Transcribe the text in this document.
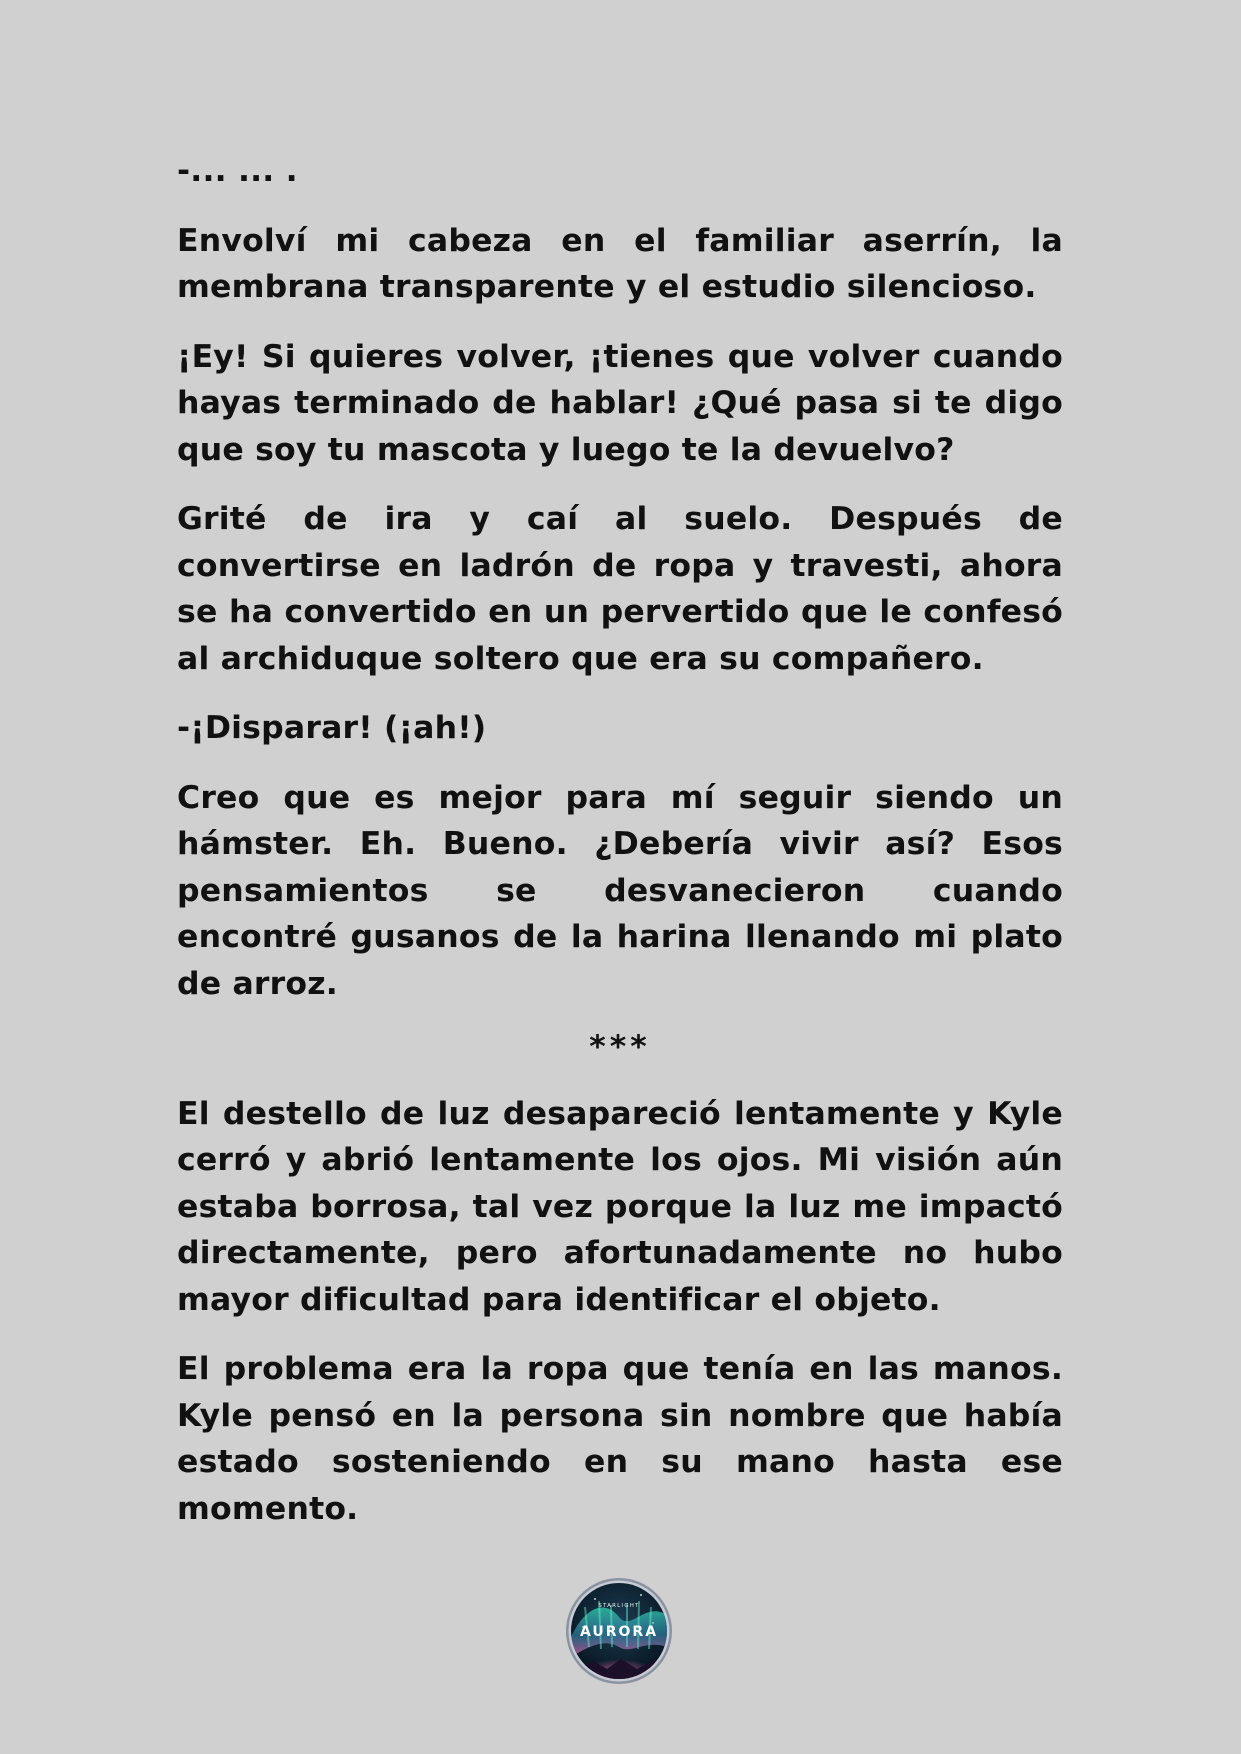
-... ... .

Envolví mi cabeza en el familiar aserrín, la membrana transparente y el estudio silencioso.

¡Ey! Si quieres volver, ¡tienes que volver cuando hayas terminado de hablar! ¿Qué pasa si te digo que soy tu mascota y luego te la devuelvo?

Grité de ira y caí al suelo. Después de convertirse en ladrón de ropa y travesti, ahora se ha convertido en un pervertido que le confesó al archiduque soltero que era su compañero.

-¡Disparar! (¡ah!)

Creo que es mejor para mí seguir siendo un hámster. Eh. Bueno. ¿Debería vivir así? Esos pensamientos se desvanecieron cuando encontré gusanos de la harina llenando mi plato de arroz.

***

El destello de luz desapareció lentamente y Kyle cerró y abrió lentamente los ojos. Mi visión aún estaba borrosa, tal vez porque la luz me impactó directamente, pero afortunadamente no hubo mayor dificultad para identificar el objeto.

El problema era la ropa que tenía en las manos. Kyle pensó en la persona sin nombre que había estado sosteniendo en su mano hasta ese momento.

STARLIGHT
AURORA
